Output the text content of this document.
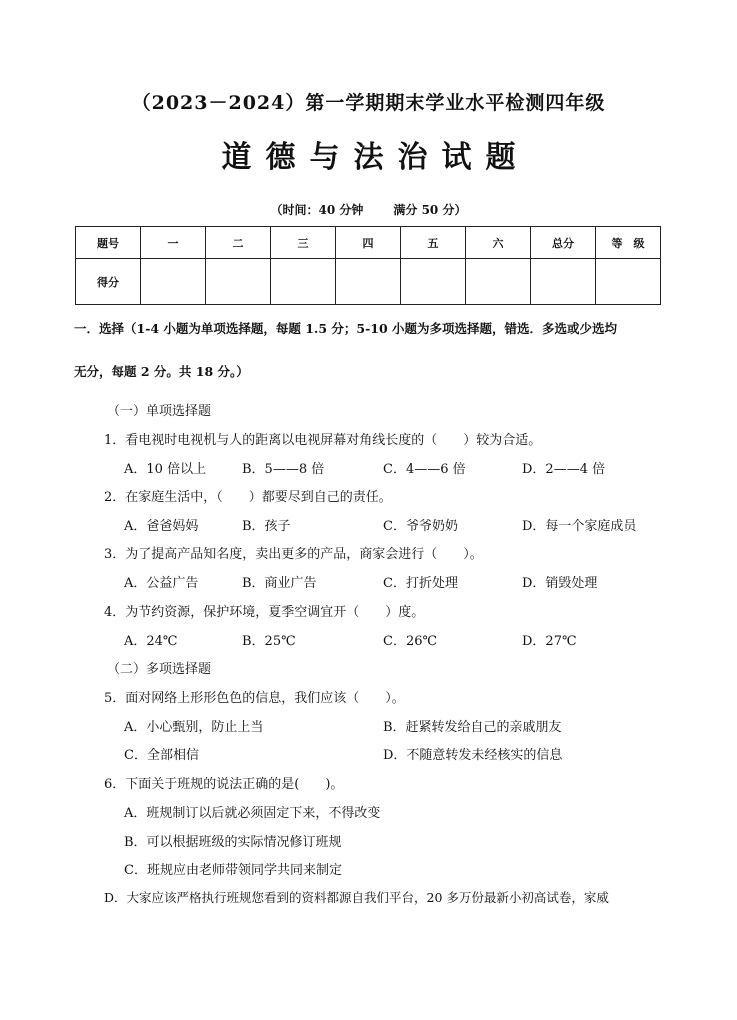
（2023－2024）第一学期期末学业水平检测四年级
道德与法治试题
（时间：40 分钟	满分 50 分）
题号	一	二	三	四	五	六	总分	等　级
得分								
一．选择（1-4 小题为单项选择题，每题 1.5 分；5-10 小题为多项选择题，错选．多选或少选均
无分，每题 2 分。共 18 分。）
（一）单项选择题
1．看电视时电视机与人的距离以电视屏幕对角线长度的（　　）较为合适。
A．10 倍以上	B．5——8 倍	C．4——6 倍	D．2——4 倍
2．在家庭生活中，（　　）都要尽到自己的责任。
A．爸爸妈妈	B．孩子	C．爷爷奶奶	D．每一个家庭成员
3．为了提高产品知名度，卖出更多的产品，商家会进行（　　）。
A．公益广告	B．商业广告	C．打折处理	D．销毁处理
4．为节约资源，保护环境，夏季空调宜开（　　）度。
A．24℃	B．25℃	C．26℃	D．27℃
（二）多项选择题
5．面对网络上形形色色的信息，我们应该（　　）。
A．小心甄别，防止上当	B．赶紧转发给自己的亲戚朋友
C．全部相信	D．不随意转发未经核实的信息
6．下面关于班规的说法正确的是(　　)。
A．班规制订以后就必须固定下来，不得改变
B．可以根据班级的实际情况修订班规
C．班规应由老师带领同学共同来制定
D．大家应该严格执行班规您看到的资料都源自我们平台，20 多万份最新小初高试卷，家威
